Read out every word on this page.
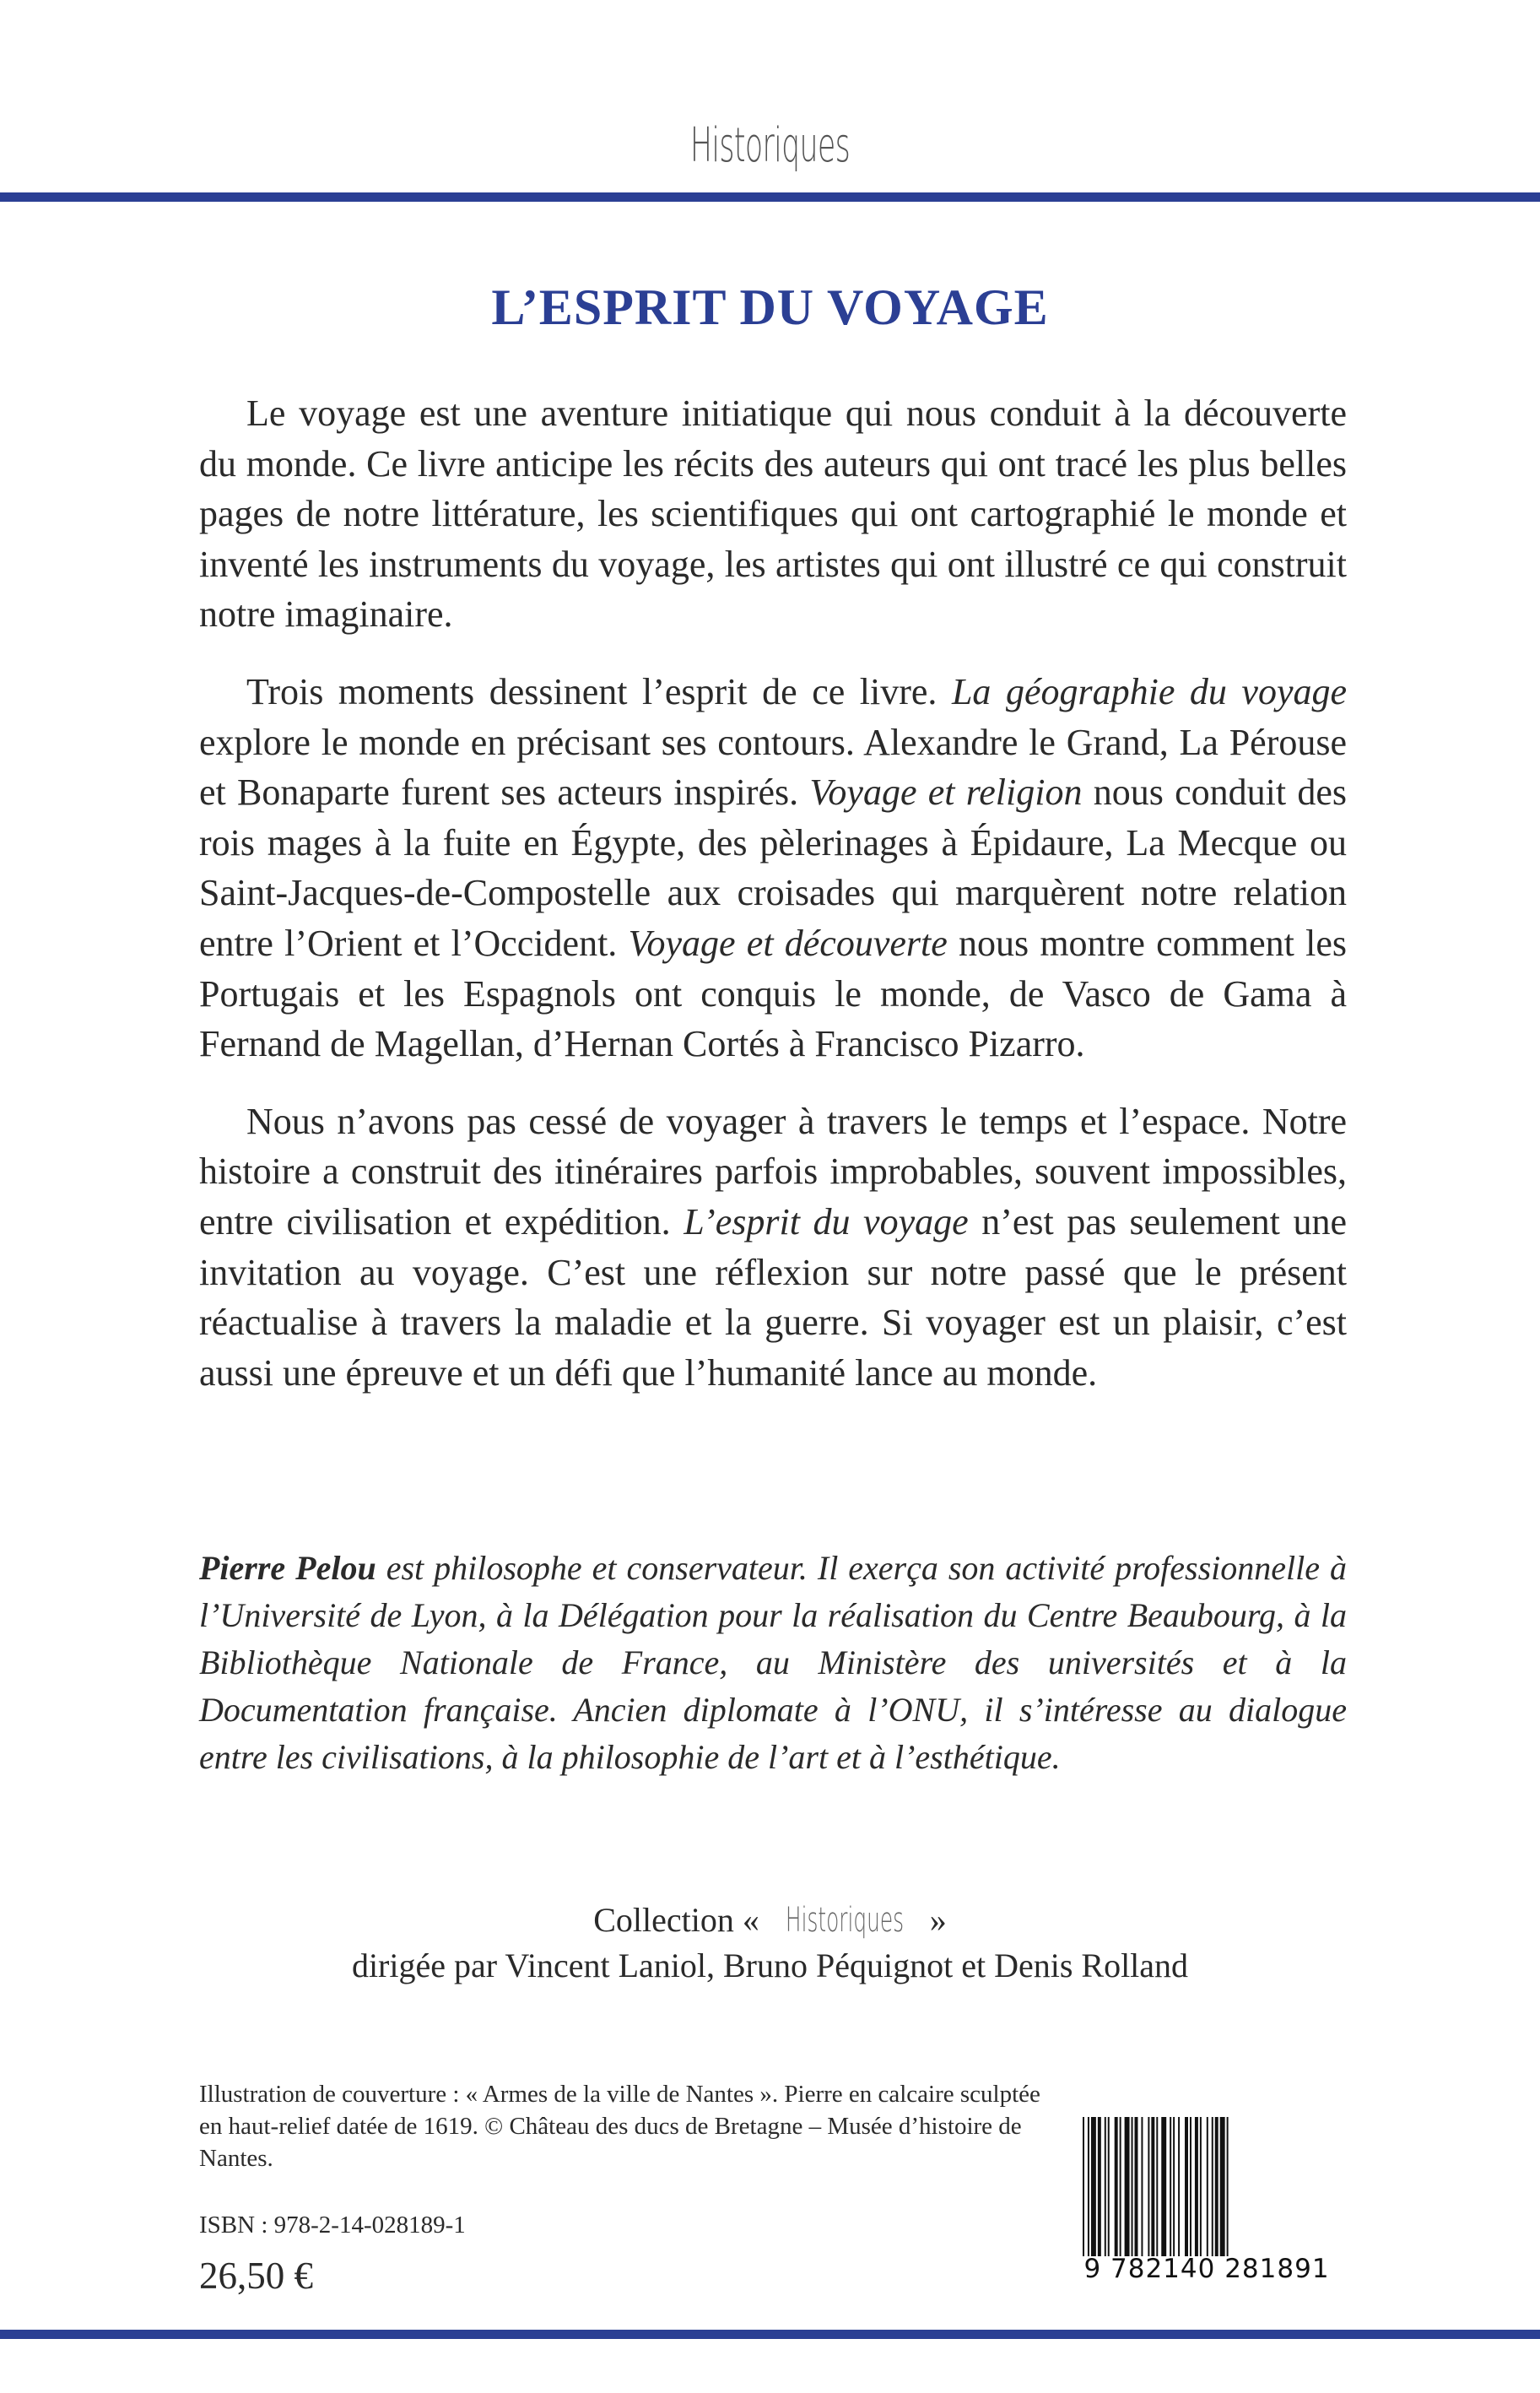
Historiques
L’ESPRIT DU VOYAGE

Le voyage est une aventure initiatique qui nous conduit à la découverte du monde. Ce livre anticipe les récits des auteurs qui ont tracé les plus belles pages de notre littérature, les scientifiques qui ont cartographié le monde et inventé les instruments du voyage, les artistes qui ont illustré ce qui construit notre imaginaire.

Trois moments dessinent l’esprit de ce livre. La géographie du voyage explore le monde en précisant ses contours. Alexandre le Grand, La Pérouse et Bonaparte furent ses acteurs inspirés. Voyage et religion nous conduit des rois mages à la fuite en Égypte, des pèlerinages à Épidaure, La Mecque ou Saint-Jacques-de-Compostelle aux croisades qui marquèrent notre relation entre l’Orient et l’Occident. Voyage et découverte nous montre comment les Portugais et les Espagnols ont conquis le monde, de Vasco de Gama à Fernand de Magellan, d’Hernan Cortés à Francisco Pizarro.

Nous n’avons pas cessé de voyager à travers le temps et l’espace. Notre histoire a construit des itinéraires parfois improbables, souvent impossibles, entre civilisation et expédition. L’esprit du voyage n’est pas seulement une invitation au voyage. C’est une réflexion sur notre passé que le présent réactualise à travers la maladie et la guerre. Si voyager est un plaisir, c’est aussi une épreuve et un défi que l’humanité lance au monde.

Pierre Pelou est philosophe et conservateur. Il exerça son activité professionnelle à l’Université de Lyon, à la Délégation pour la réalisation du Centre Beaubourg, à la Bibliothèque Nationale de France, au Ministère des universités et à la Documentation française. Ancien diplomate à l’ONU, il s’intéresse au dialogue entre les civilisations, à la philosophie de l’art et à l’esthétique.
Collection « Historiques »
dirigée par Vincent Laniol, Bruno Péquignot et Denis Rolland
Illustration de couverture : « Armes de la ville de Nantes ». Pierre en calcaire sculptée en haut-relief datée de 1619. © Château des ducs de Bretagne – Musée d’histoire de Nantes.
ISBN : 978-2-14-028189-1
26,50 €	9 782140 281891
